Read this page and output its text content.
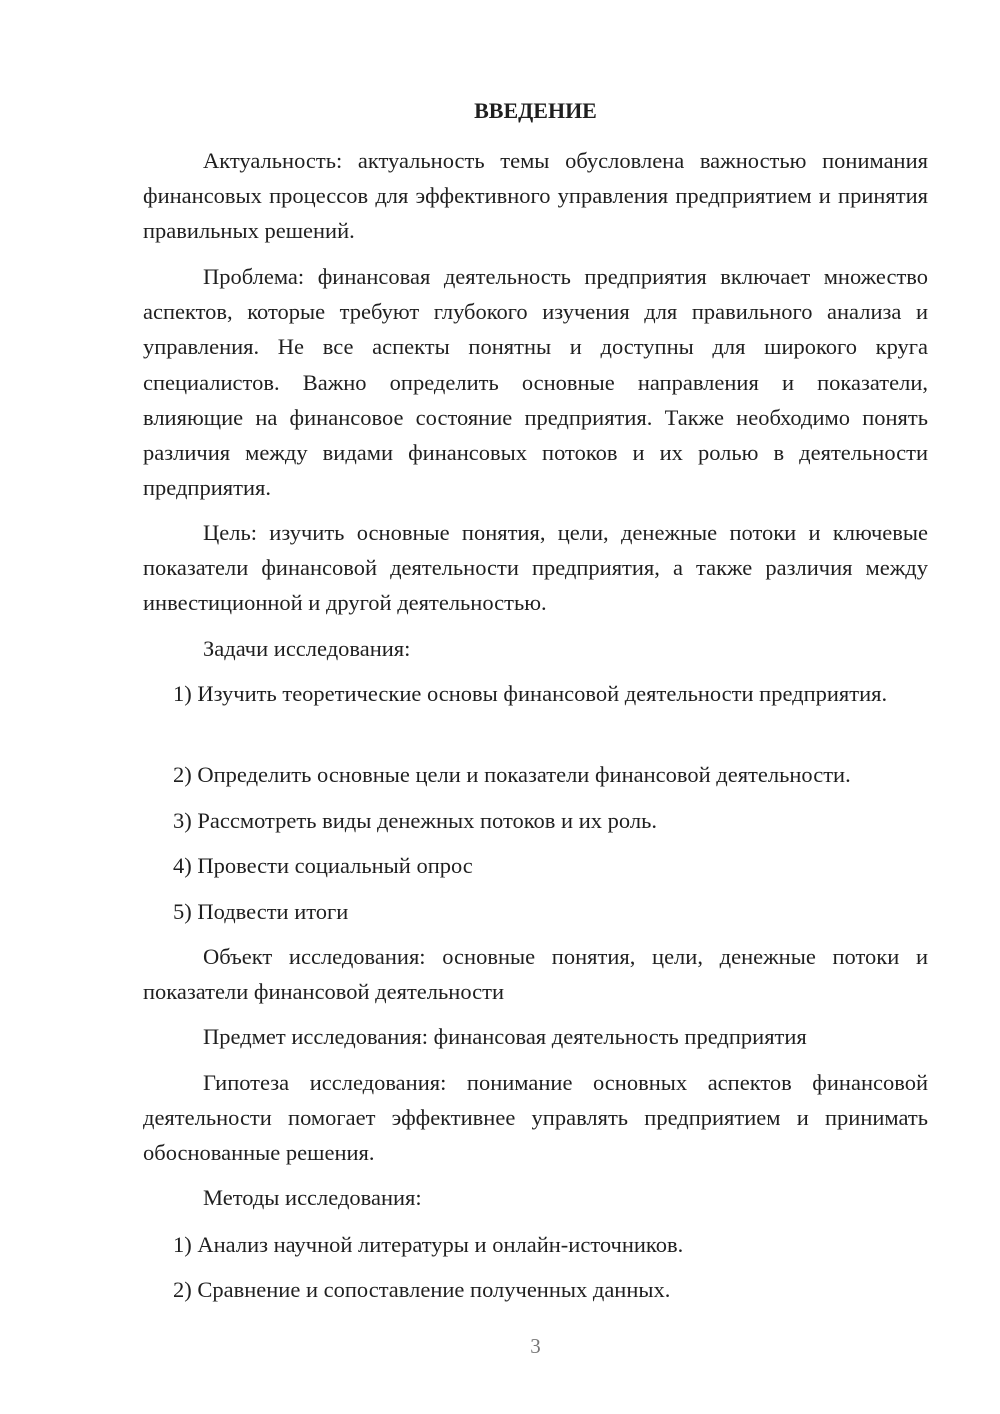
ВВЕДЕНИЕ

Актуальность: актуальность темы обусловлена важностью понимания финансовых процессов для эффективного управления предприятием и принятия правильных решений.

Проблема: финансовая деятельность предприятия включает множество аспектов, которые требуют глубокого изучения для правильного анализа и управления. Не все аспекты понятны и доступны для широкого круга специалистов. Важно определить основные направления и показатели, влияющие на финансовое состояние предприятия. Также необходимо понять различия между видами финансовых потоков и их ролью в деятельности предприятия.

Цель: изучить основные понятия, цели, денежные потоки и ключевые показатели финансовой деятельности предприятия, а также различия между инвестиционной и другой деятельностью.

Задачи исследования:

1) Изучить теоретические основы финансовой деятельности предприятия.

2) Определить основные цели и показатели финансовой деятельности.

3) Рассмотреть виды денежных потоков и их роль.

4) Провести социальный опрос

5) Подвести итоги

Объект исследования: основные понятия, цели, денежные потоки и показатели финансовой деятельности

Предмет исследования: финансовая деятельность предприятия

Гипотеза исследования: понимание основных аспектов финансовой деятельности помогает эффективнее управлять предприятием и принимать обоснованные решения.

Методы исследования:

1) Анализ научной литературы и онлайн-источников.

2) Сравнение и сопоставление полученных данных.

3
